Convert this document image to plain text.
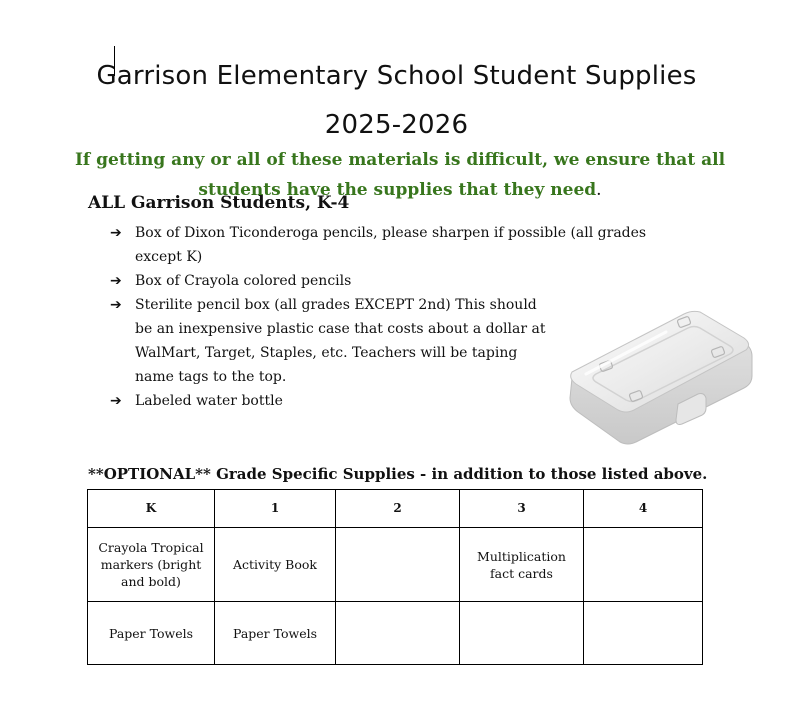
Garrison Elementary School Student Supplies
2025-2026

If getting any or all of these materials is difficult, we ensure that all students have the supplies that they need.

ALL Garrison Students, K-4
➔ Box of Dixon Ticonderoga pencils, please sharpen if possible (all grades except K)
➔ Box of Crayola colored pencils
➔ Sterilite pencil box (all grades EXCEPT 2nd) This should be an inexpensive plastic case that costs about a dollar at WalMart, Target, Staples, etc. Teachers will be taping name tags to the top.
➔ Labeled water bottle
**OPTIONAL** Grade Specific Supplies - in addition to those listed above.
K	1	2	3	4
Crayola Tropical markers (bright and bold)	Activity Book		Multiplication fact cards	
Paper Towels	Paper Towels			
